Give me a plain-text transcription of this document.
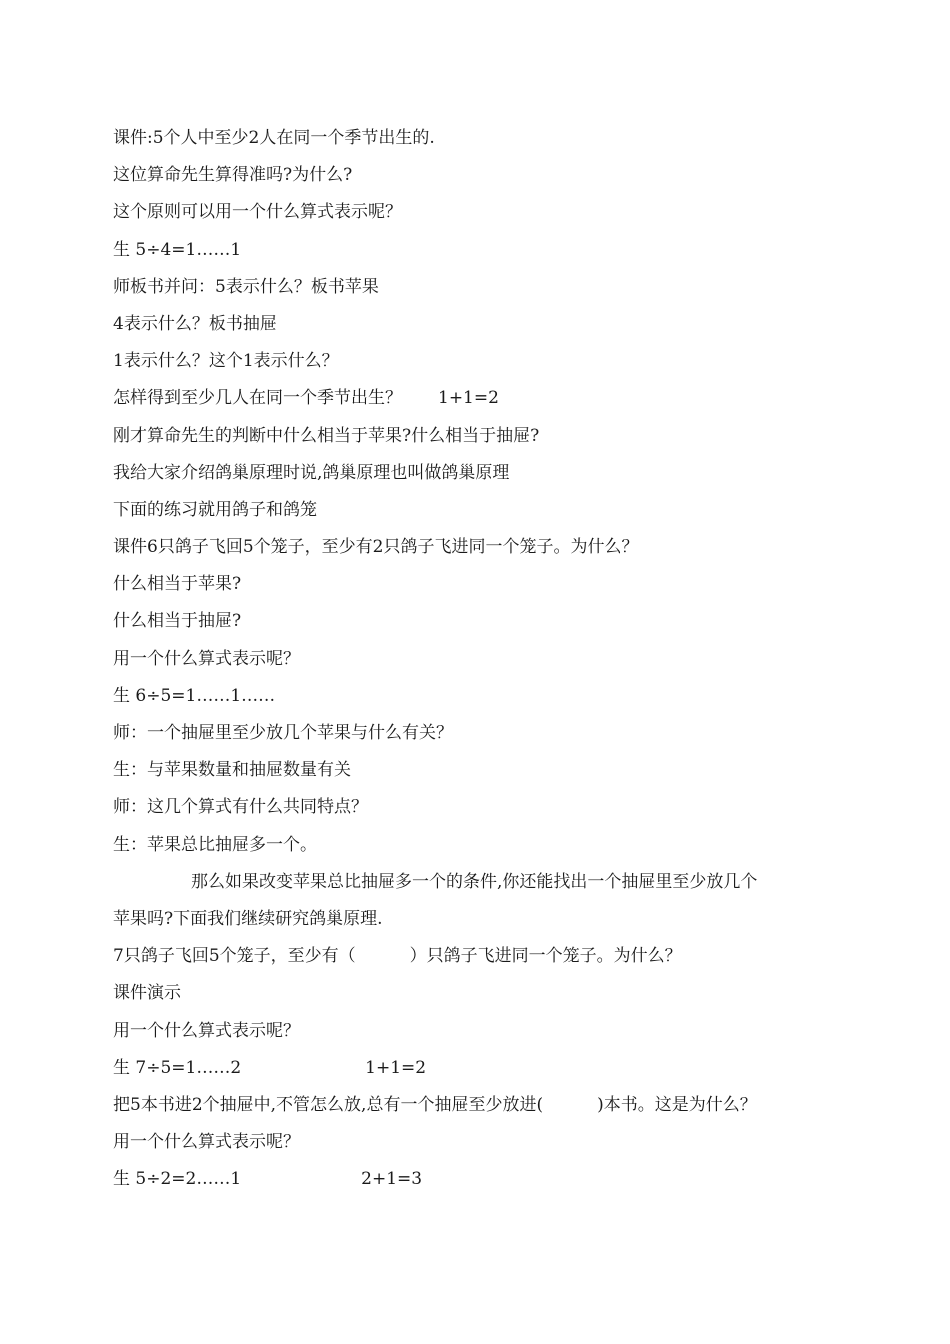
课件:5个人中至少2人在同一个季节出生的.

这位算命先生算得准吗?为什么?

这个原则可以用一个什么算式表示呢？

生 5÷4=1……1

师板书并问：5表示什么？板书苹果

4表示什么？板书抽屉

1表示什么？这个1表示什么？

怎样得到至少几人在同一个季节出生？ 1+1=2

刚才算命先生的判断中什么相当于苹果?什么相当于抽屉?

我给大家介绍鸽巢原理时说,鸽巢原理也叫做鸽巢原理

下面的练习就用鸽子和鸽笼

课件6只鸽子飞回5个笼子，至少有2只鸽子飞进同一个笼子。为什么？

什么相当于苹果?

什么相当于抽屉?

用一个什么算式表示呢？

生 6÷5=1……1……

师：一个抽屉里至少放几个苹果与什么有关？

生：与苹果数量和抽屉数量有关

师：这几个算式有什么共同特点？

生：苹果总比抽屉多一个。

那么如果改变苹果总比抽屉多一个的条件,你还能找出一个抽屉里至少放几个

苹果吗?下面我们继续研究鸽巢原理.

7只鸽子飞回5个笼子，至少有（          ）只鸽子飞进同一个笼子。为什么？

课件演示

用一个什么算式表示呢？

生 7÷5=1……2	1+1=2

把5本书进2个抽屉中,不管怎么放,总有一个抽屉至少放进(          )本书。这是为什么？

用一个什么算式表示呢？

生 5÷2=2……1	2+1=3
